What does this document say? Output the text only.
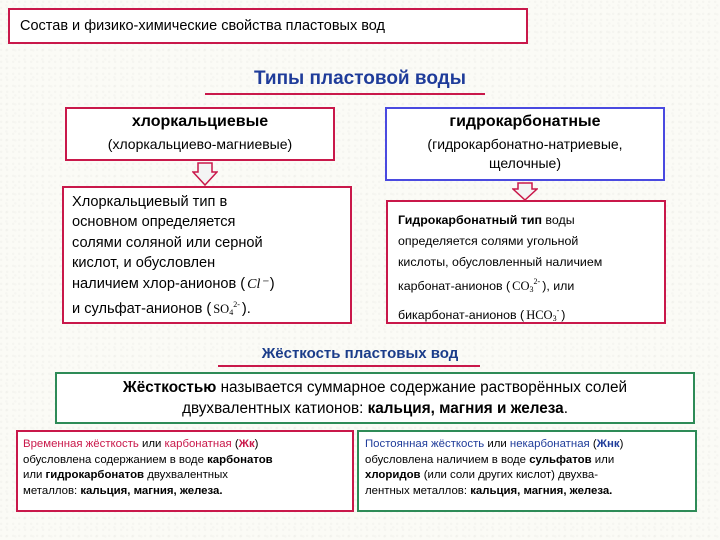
Состав и физико-химические свойства пластовых вод
Типы пластовой воды
хлоркальциевые
(хлоркальциево-магниевые)
гидрокарбонатные
(гидрокарбонатно-натриевые,
щелочные)
Хлоркальциевый тип в
основном определяется
солями соляной или серной
кислот, и обусловлен
наличием хлор-анионов ( Cl⁻ )
и сульфат-анионов ( $SO_4^{2-}$ ).
Гидрокарбонатный тип воды
определяется солями угольной
кислоты, обусловленный наличием
карбонат-анионов ( $CO_3^{2-}$ ), или
бикарбонат-анионов ( $HCO_3^-$ )
Жёсткость пластовых вод
Жёсткостью называется суммарное содержание растворённых солей
двухвалентных катионов: кальция, магния и железа.
Временная жёсткость или карбонатная (Жк)
обусловлена содержанием в воде карбонатов
или гидрокарбонатов двухвалентных
металлов: кальция, магния, железа.
Постоянная жёсткость или некарбонатная (Жнк)
обусловлена наличием в воде сульфатов или
хлоридов (или соли других кислот) двухва-
лентных металлов: кальция, магния, железа.
